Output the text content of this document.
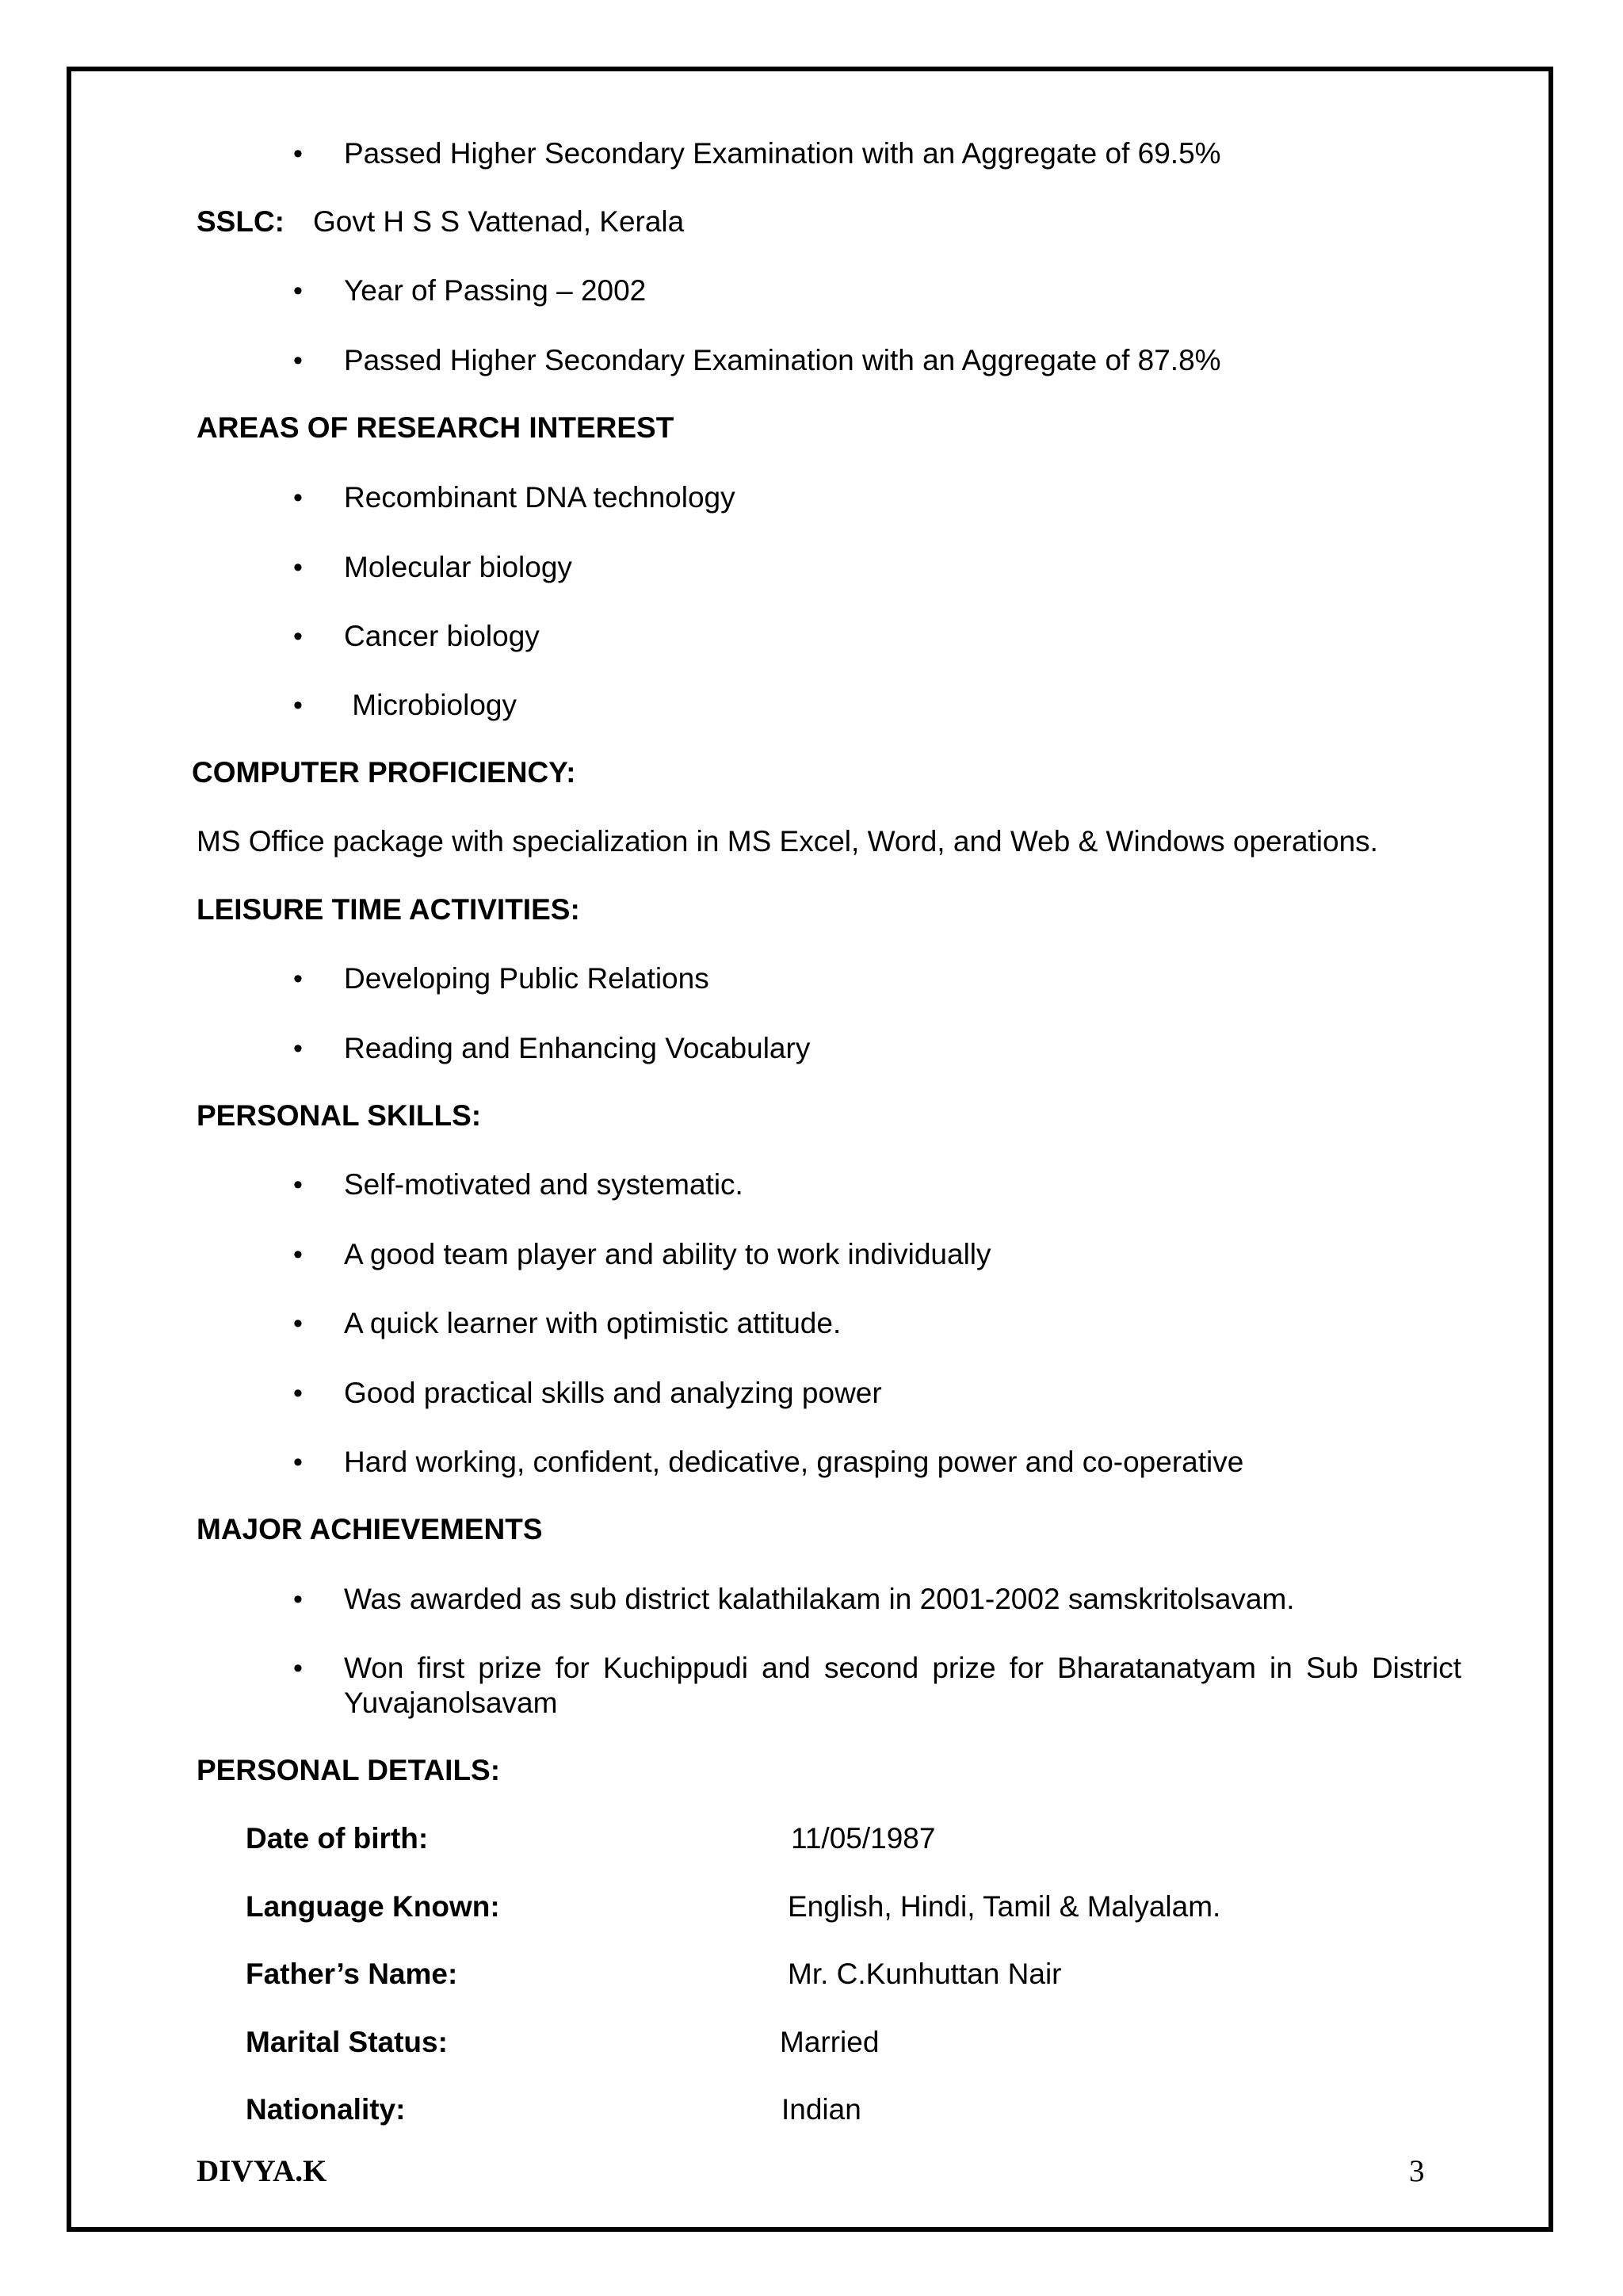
• Passed Higher Secondary Examination with an Aggregate of 69.5%
SSLC: Govt H S S Vattenad, Kerala
• Year of Passing – 2002
• Passed Higher Secondary Examination with an Aggregate of 87.8%
AREAS OF RESEARCH INTEREST
• Recombinant DNA technology
• Molecular biology
• Cancer biology
• Microbiology
COMPUTER PROFICIENCY:
MS Office package with specialization in MS Excel, Word, and Web & Windows operations.
LEISURE TIME ACTIVITIES:
• Developing Public Relations
• Reading and Enhancing Vocabulary
PERSONAL SKILLS:
• Self-motivated and systematic.
• A good team player and ability to work individually
• A quick learner with optimistic attitude.
• Good practical skills and analyzing power
• Hard working, confident, dedicative, grasping power and co-operative
MAJOR ACHIEVEMENTS
• Was awarded as sub district kalathilakam in 2001-2002 samskritolsavam.
• Won first prize for Kuchippudi and second prize for Bharatanatyam in Sub District
Yuvajanolsavam
PERSONAL DETAILS:
Date of birth:	11/05/1987
Language Known:	English, Hindi, Tamil & Malyalam.
Father’s Name:	Mr. C.Kunhuttan Nair
Marital Status:	Married
Nationality:	Indian
DIVYA.K	3
